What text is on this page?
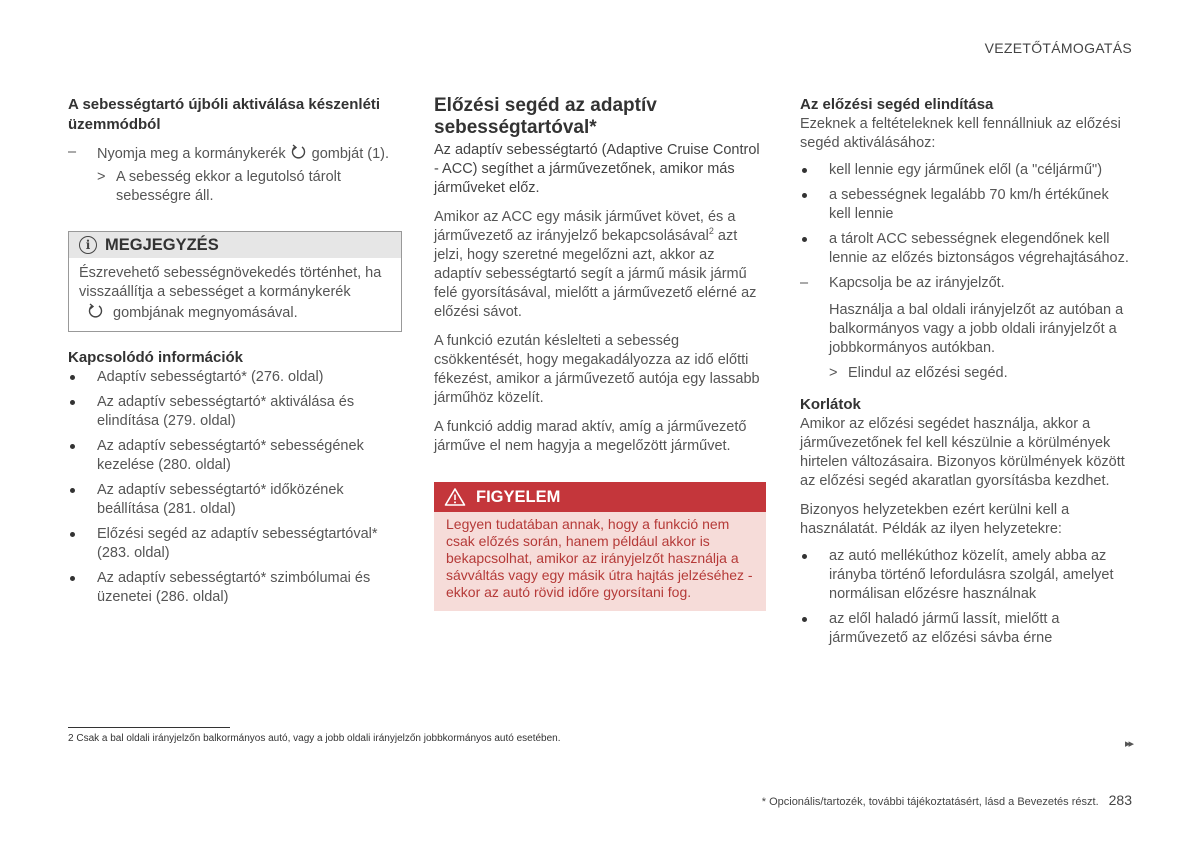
VEZETŐTÁMOGATÁS

A sebességtartó újbóli aktiválása készenléti üzemmódból

– Nyomja meg a kormánykerék gombját (1).
> A sebesség ekkor a legutolsó tárolt sebességre áll.
i MEGJEGYZÉS
Észrevehető sebességnövekedés történhet, ha visszaállítja a sebességet a kormánykerék
gombjának megnyomásával.

Kapcsolódó információk

Adaptív sebességtartó* (276. oldal)
Az adaptív sebességtartó* aktiválása és elindítása (279. oldal)
Az adaptív sebességtartó* sebességének kezelése (280. oldal)
Az adaptív sebességtartó* időközének beállítása (281. oldal)
Előzési segéd az adaptív sebességtartóval* (283. oldal)
Az adaptív sebességtartó* szimbólumai és üzenetei (286. oldal)

Előzési segéd az adaptív sebességtartóval*

Az adaptív sebességtartó (Adaptive Cruise Control - ACC) segíthet a járművezetőnek, amikor más járműveket előz.

Amikor az ACC egy másik járművet követ, és a járművezető az irányjelző bekapcsolásával$^2$ azt jelzi, hogy szeretné megelőzni azt, akkor az adaptív sebességtartó segít a jármű másik jármű felé gyorsításával, mielőtt a járművezető elérné az előzési sávot.

A funkció ezután késlelteti a sebesség csökkentését, hogy megakadályozza az idő előtti fékezést, amikor a járművezető autója egy lassabb járműhöz közelít.

A funkció addig marad aktív, amíg a járművezető járműve el nem hagyja a megelőzött járművet.

FIGYELEM
Legyen tudatában annak, hogy a funkció nem csak előzés során, hanem például akkor is bekapcsolhat, amikor az irányjelzőt használja a sávváltás vagy egy másik útra hajtás jelzéséhez - ekkor az autó rövid időre gyorsítani fog.

Az előzési segéd elindítása

Ezeknek a feltételeknek kell fennállniuk az előzési segéd aktiválásához:

kell lennie egy járműnek elől (a "céljármű")
a sebességnek legalább 70 km/h értékűnek kell lennie
a tárolt ACC sebességnek elegendőnek kell lennie az előzés biztonságos végrehajtásához.
– Kapcsolja be az irányjelzőt.
Használja a bal oldali irányjelzőt az autóban a balkormányos vagy a jobb oldali irányjelzőt a jobbkormányos autókban.
> Elindul az előzési segéd.

Korlátok

Amikor az előzési segédet használja, akkor a járművezetőnek fel kell készülnie a körülmények hirtelen változásaira. Bizonyos körülmények között az előzési segéd akaratlan gyorsításba kezdhet.

Bizonyos helyzetekben ezért kerülni kell a használatát. Példák az ilyen helyzetekre:

az autó mellékúthoz közelít, amely abba az irányba történő lefordulásra szolgál, amelyet normálisan előzésre használnak
az elől haladó jármű lassít, mielőtt a járművezető az előzési sávba érne
2 Csak a bal oldali irányjelzőn balkormányos autó, vagy a jobb oldali irányjelzőn jobbkormányos autó esetében.	▸▸
* Opcionális/tartozék, további tájékoztatásért, lásd a Bevezetés részt. 283
